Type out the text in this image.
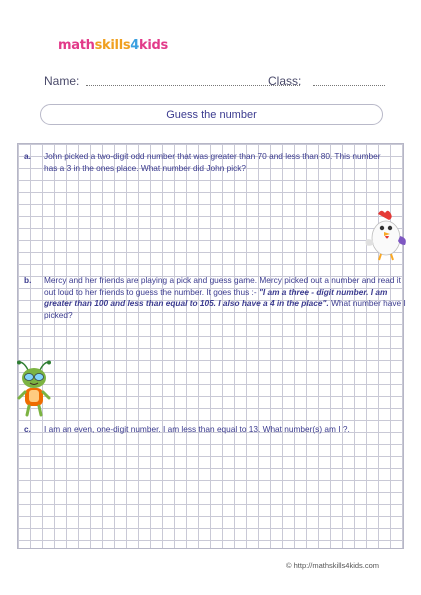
mathskills4kids
Name:	Class:
Guess the number
a. John picked a two-digit odd number that was greater than 70 and less than 80. This number has a 3 in the ones place. What number did John pick?
b. Mercy and her friends are playing a pick and guess game. Mercy picked out a number and read it out loud to her friends to guess the number. It goes thus :- "I am a three - digit number. I am greater than 100 and less than equal to 105. I also have a 4 in the place". What number have I picked?
c. I am an even, one-digit number. I am less than equal to 13. What number(s) am I ?.
© http://mathskills4kids.com
